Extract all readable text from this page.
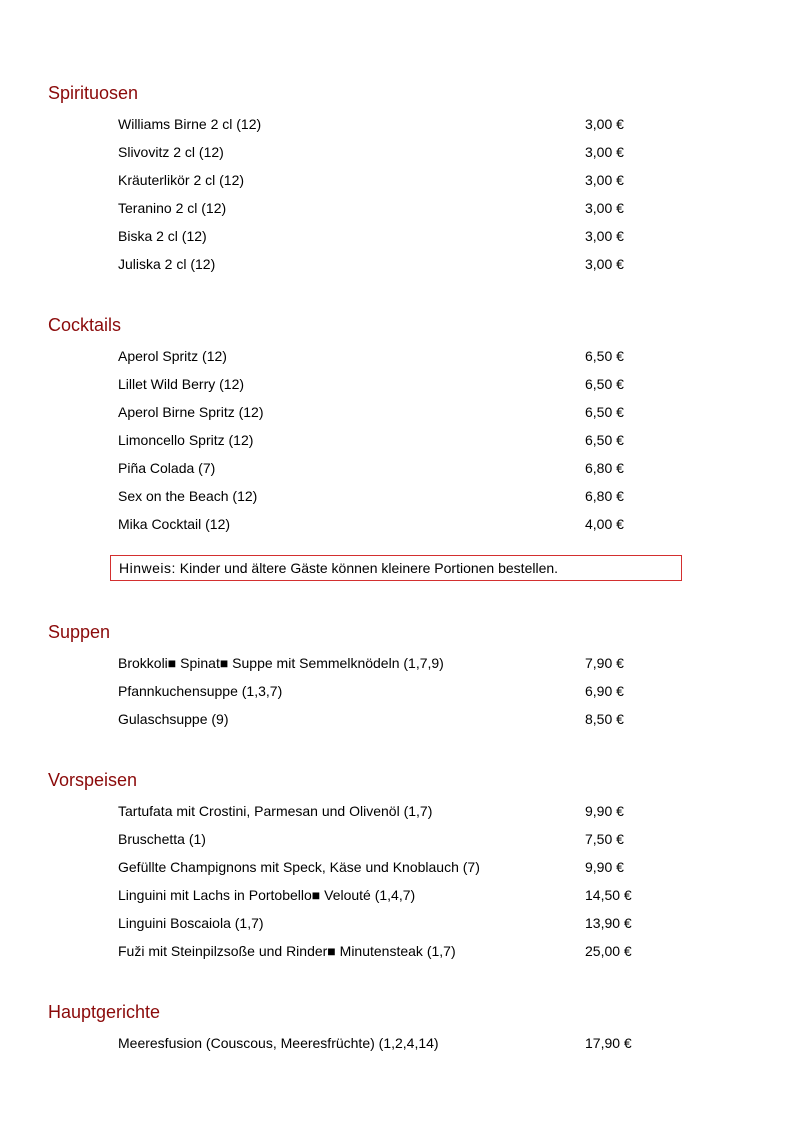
Spirituosen
Williams Birne 2 cl (12)	3,00 €
Slivovitz 2 cl (12)	3,00 €
Kräuterlikör 2 cl (12)	3,00 €
Teranino 2 cl (12)	3,00 €
Biska 2 cl (12)	3,00 €
Juliska 2 cl (12)	3,00 €
Cocktails
Aperol Spritz (12)	6,50 €
Lillet Wild Berry (12)	6,50 €
Aperol Birne Spritz (12)	6,50 €
Limoncello Spritz (12)	6,50 €
Piña Colada (7)	6,80 €
Sex on the Beach (12)	6,80 €
Mika Cocktail (12)	4,00 €
Hinweis: Kinder und ältere Gäste können kleinere Portionen bestellen.
Suppen
Brokkoli■ Spinat■ Suppe mit Semmelknödeln (1,7,9)	7,90 €
Pfannkuchensuppe (1,3,7)	6,90 €
Gulaschsuppe (9)	8,50 €
Vorspeisen
Tartufata mit Crostini, Parmesan und Olivenöl (1,7)	9,90 €
Bruschetta (1)	7,50 €
Gefüllte Champignons mit Speck, Käse und Knoblauch (7)	9,90 €
Linguini mit Lachs in Portobello■ Velouté (1,4,7)	14,50 €
Linguini Boscaiola (1,7)	13,90 €
Fuži mit Steinpilzsoße und Rinder■ Minutensteak (1,7)	25,00 €
Hauptgerichte
Meeresfusion (Couscous, Meeresfrüchte) (1,2,4,14)	17,90 €
